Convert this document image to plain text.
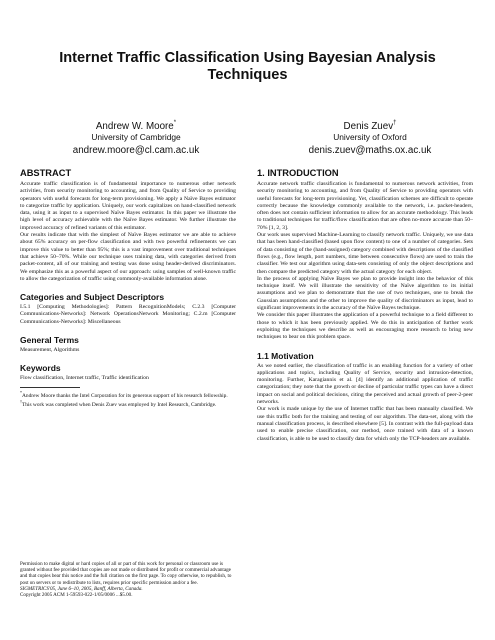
Internet Traffic Classification Using Bayesian Analysis
Techniques
Andrew W. Moore*
University of Cambridge
andrew.moore@cl.cam.ac.uk
Denis Zuev†
University of Oxford
denis.zuev@maths.ox.ac.uk
ABSTRACT

Accurate traffic classification is of fundamental importance to numerous other network activities, from security monitoring to accounting, and from Quality of Service to providing operators with useful forecasts for long-term provisioning. We apply a Naïve Bayes estimator to categorize traffic by application. Uniquely, our work capitalizes on hand-classified network data, using it as input to a supervised Naïve Bayes estimator. In this paper we illustrate the high level of accuracy achievable with the Naïve Bayes estimator. We further illustrate the improved accuracy of refined variants of this estimator.

Our results indicate that with the simplest of Naïve Bayes estimator we are able to achieve about 65% accuracy on per-flow classification and with two powerful refinements we can improve this value to better than 95%; this is a vast improvement over traditional techniques that achieve 50–70%. While our technique uses training data, with categories derived from packet-content, all of our training and testing was done using header-derived discriminators. We emphasize this as a powerful aspect of our approach: using samples of well-known traffic to allow the categorization of traffic using commonly-available information alone.

Categories and Subject Descriptors

I.5.1 [Computing Methodologies]: Pattern RecognitionModels; C.2.3 [Computer Communications-Networks]: Network OperationsNetwork Monitoring; C.2.m [Computer Communications-Networks]: Miscellaneous

General Terms

Measurement, Algorithms

Keywords

Flow classification, Internet traffic, Traffic identification

*Andrew Moore thanks the Intel Corporation for its generous support of his research fellowship.
†This work was completed when Denis Zuev was employed by Intel Research, Cambridge.
Permission to make digital or hard copies of all or part of this work for personal or classroom use is granted without fee provided that copies are not made or distributed for profit or commercial advantage and that copies bear this notice and the full citation on the first page. To copy otherwise, to republish, to post on servers or to redistribute to lists, requires prior specific permission and/or a fee.
SIGMETRICS'05, June 6–10, 2005, Banff, Alberta, Canada.
Copyright 2005 ACM 1-59593-022-1/05/0006 ...$5.00.
1. INTRODUCTION

Accurate network traffic classification is fundamental to numerous network activities, from security monitoring to accounting, and from Quality of Service to providing operators with useful forecasts for long-term provisioning. Yet, classification schemes are difficult to operate correctly because the knowledge commonly available to the network, i.e. packet-headers, often does not contain sufficient information to allow for an accurate methodology. This leads to traditional techniques for traffic/flow classification that are often no-more accurate than 50–70% [1, 2, 3].

Our work uses supervised Machine-Learning to classify network traffic. Uniquely, we use data that has been hand-classified (based upon flow content) to one of a number of categories. Sets of data consisting of the (hand-assigned) category combined with descriptions of the classified flows (e.g., flow length, port numbers, time between consecutive flows) are used to train the classifier. We test our algorithm using data-sets consisting of only the object descriptions and then compare the predicted category with the actual category for each object.

In the process of applying Naïve Bayes we plan to provide insight into the behavior of this technique itself. We will illustrate the sensitivity of the Naïve algorithm to its initial assumptions and we plan to demonstrate that the use of two techniques, one to break the Gaussian assumptions and the other to improve the quality of discriminators as input, lead to significant improvements in the accuracy of the Naïve Bayes technique.

We consider this paper illustrates the application of a powerful technique to a field different to those to which it has been previously applied. We do this in anticipation of further work exploiting the techniques we describe as well as encouraging more research to bring new techniques to bear on this problem space.

1.1 Motivation

As we noted earlier, the classification of traffic is an enabling function for a variety of other applications and topics, including Quality of Service, security and intrusion-detection, monitoring. Further, Karagiannis et al. [4] identify an additional application of traffic categorization; they note that the growth or decline of particular traffic types can have a direct impact on social and political decisions, citing the perceived and actual growth of peer-2-peer networks.

Our work is made unique by the use of Internet traffic that has been manually classified. We use this traffic both for the training and testing of our algorithm. The data-set, along with the manual classification process, is described elsewhere [5]. In contrast with the full-payload data used to enable precise classification, our method, once trained with data of a known classification, is able to be used to classify data for which only the TCP-headers are available.
